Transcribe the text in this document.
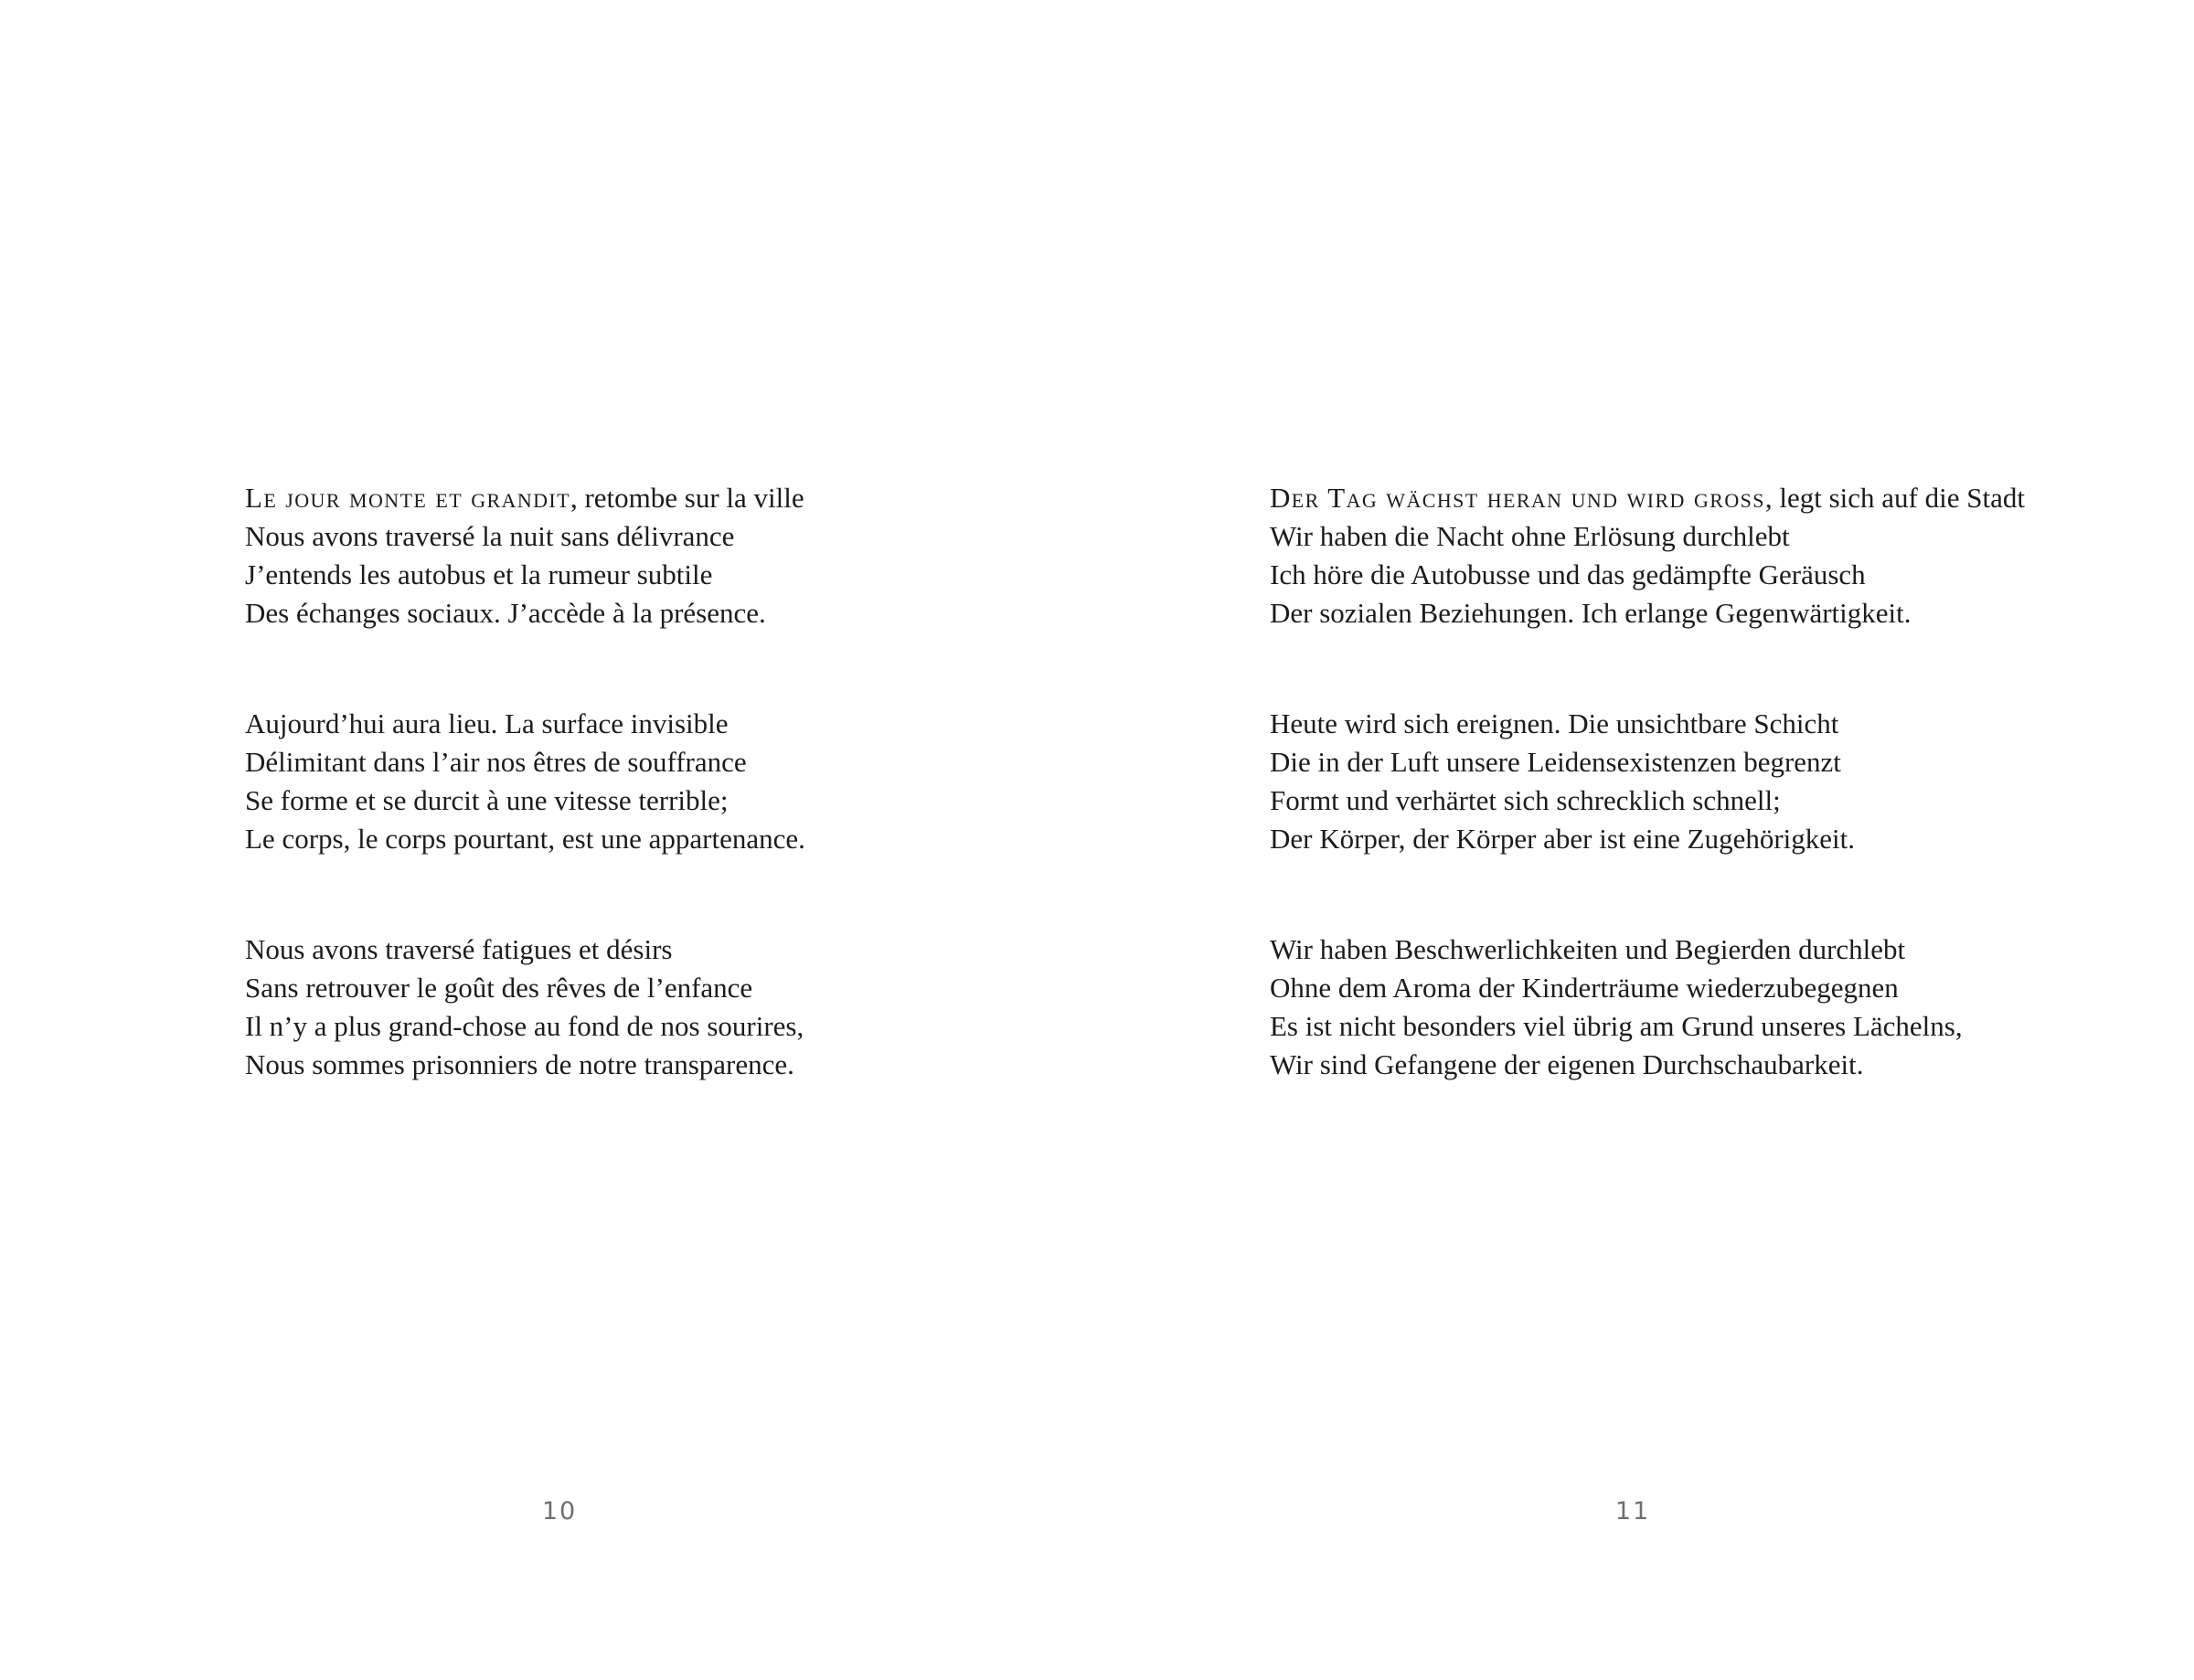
Le jour monte et grandit, retombe sur la ville

Nous avons traversé la nuit sans délivrance

J’entends les autobus et la rumeur subtile

Des échanges sociaux. J’accède à la présence.

Aujourd’hui aura lieu. La surface invisible

Délimitant dans l’air nos êtres de souffrance

Se forme et se durcit à une vitesse terrible;

Le corps, le corps pourtant, est une appartenance.

Nous avons traversé fatigues et désirs

Sans retrouver le goût des rêves de l’enfance

Il n’y a plus grand-chose au fond de nos sourires,

Nous sommes prisonniers de notre transparence.

10

Der Tag wächst heran und wird gross, legt sich auf die Stadt

Wir haben die Nacht ohne Erlösung durchlebt

Ich höre die Autobusse und das gedämpfte Geräusch

Der sozialen Beziehungen. Ich erlange Gegenwärtigkeit.

Heute wird sich ereignen. Die unsichtbare Schicht

Die in der Luft unsere Leidensexistenzen begrenzt

Formt und verhärtet sich schrecklich schnell;

Der Körper, der Körper aber ist eine Zugehörigkeit.

Wir haben Beschwerlichkeiten und Begierden durchlebt

Ohne dem Aroma der Kinderträume wiederzubegegnen

Es ist nicht besonders viel übrig am Grund unseres Lächelns,

Wir sind Gefangene der eigenen Durchschaubarkeit.

11
